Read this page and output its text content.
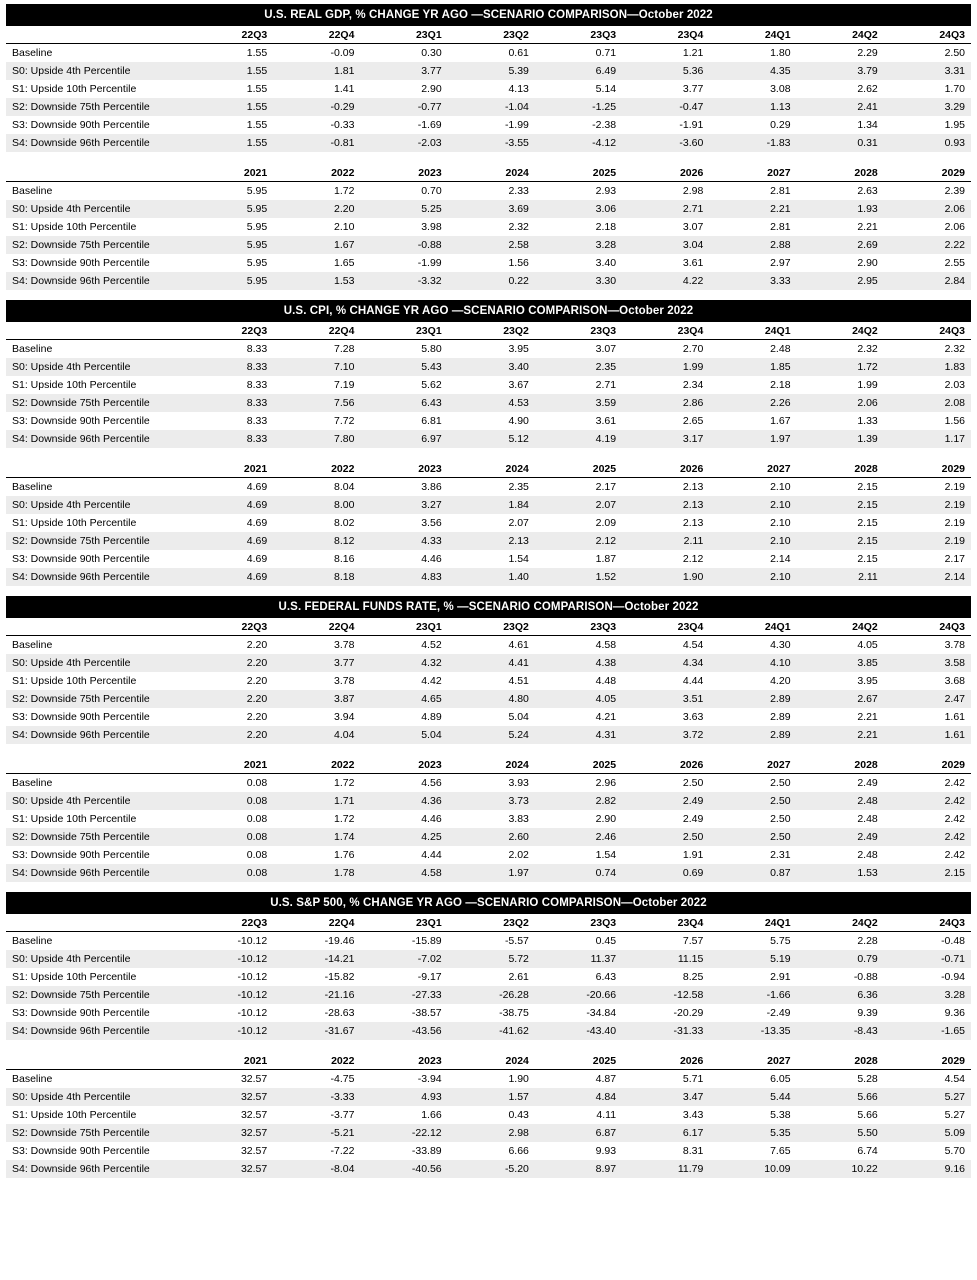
U.S. REAL GDP, % CHANGE YR AGO —SCENARIO COMPARISON—October 2022
	22Q3	22Q4	23Q1	23Q2	23Q3	23Q4	24Q1	24Q2	24Q3
Baseline	1.55	-0.09	0.30	0.61	0.71	1.21	1.80	2.29	2.50
S0: Upside 4th Percentile	1.55	1.81	3.77	5.39	6.49	5.36	4.35	3.79	3.31
S1: Upside 10th Percentile	1.55	1.41	2.90	4.13	5.14	3.77	3.08	2.62	1.70
S2: Downside 75th Percentile	1.55	-0.29	-0.77	-1.04	-1.25	-0.47	1.13	2.41	3.29
S3: Downside 90th Percentile	1.55	-0.33	-1.69	-1.99	-2.38	-1.91	0.29	1.34	1.95
S4: Downside 96th Percentile	1.55	-0.81	-2.03	-3.55	-4.12	-3.60	-1.83	0.31	0.93
	2021	2022	2023	2024	2025	2026	2027	2028	2029
Baseline	5.95	1.72	0.70	2.33	2.93	2.98	2.81	2.63	2.39
S0: Upside 4th Percentile	5.95	2.20	5.25	3.69	3.06	2.71	2.21	1.93	2.06
S1: Upside 10th Percentile	5.95	2.10	3.98	2.32	2.18	3.07	2.81	2.21	2.06
S2: Downside 75th Percentile	5.95	1.67	-0.88	2.58	3.28	3.04	2.88	2.69	2.22
S3: Downside 90th Percentile	5.95	1.65	-1.99	1.56	3.40	3.61	2.97	2.90	2.55
S4: Downside 96th Percentile	5.95	1.53	-3.32	0.22	3.30	4.22	3.33	2.95	2.84
U.S. CPI, % CHANGE YR AGO —SCENARIO COMPARISON—October 2022
	22Q3	22Q4	23Q1	23Q2	23Q3	23Q4	24Q1	24Q2	24Q3
Baseline	8.33	7.28	5.80	3.95	3.07	2.70	2.48	2.32	2.32
S0: Upside 4th Percentile	8.33	7.10	5.43	3.40	2.35	1.99	1.85	1.72	1.83
S1: Upside 10th Percentile	8.33	7.19	5.62	3.67	2.71	2.34	2.18	1.99	2.03
S2: Downside 75th Percentile	8.33	7.56	6.43	4.53	3.59	2.86	2.26	2.06	2.08
S3: Downside 90th Percentile	8.33	7.72	6.81	4.90	3.61	2.65	1.67	1.33	1.56
S4: Downside 96th Percentile	8.33	7.80	6.97	5.12	4.19	3.17	1.97	1.39	1.17
	2021	2022	2023	2024	2025	2026	2027	2028	2029
Baseline	4.69	8.04	3.86	2.35	2.17	2.13	2.10	2.15	2.19
S0: Upside 4th Percentile	4.69	8.00	3.27	1.84	2.07	2.13	2.10	2.15	2.19
S1: Upside 10th Percentile	4.69	8.02	3.56	2.07	2.09	2.13	2.10	2.15	2.19
S2: Downside 75th Percentile	4.69	8.12	4.33	2.13	2.12	2.11	2.10	2.15	2.19
S3: Downside 90th Percentile	4.69	8.16	4.46	1.54	1.87	2.12	2.14	2.15	2.17
S4: Downside 96th Percentile	4.69	8.18	4.83	1.40	1.52	1.90	2.10	2.11	2.14
U.S. FEDERAL FUNDS RATE, % —SCENARIO COMPARISON—October 2022
	22Q3	22Q4	23Q1	23Q2	23Q3	23Q4	24Q1	24Q2	24Q3
Baseline	2.20	3.78	4.52	4.61	4.58	4.54	4.30	4.05	3.78
S0: Upside 4th Percentile	2.20	3.77	4.32	4.41	4.38	4.34	4.10	3.85	3.58
S1: Upside 10th Percentile	2.20	3.78	4.42	4.51	4.48	4.44	4.20	3.95	3.68
S2: Downside 75th Percentile	2.20	3.87	4.65	4.80	4.05	3.51	2.89	2.67	2.47
S3: Downside 90th Percentile	2.20	3.94	4.89	5.04	4.21	3.63	2.89	2.21	1.61
S4: Downside 96th Percentile	2.20	4.04	5.04	5.24	4.31	3.72	2.89	2.21	1.61
	2021	2022	2023	2024	2025	2026	2027	2028	2029
Baseline	0.08	1.72	4.56	3.93	2.96	2.50	2.50	2.49	2.42
S0: Upside 4th Percentile	0.08	1.71	4.36	3.73	2.82	2.49	2.50	2.48	2.42
S1: Upside 10th Percentile	0.08	1.72	4.46	3.83	2.90	2.49	2.50	2.48	2.42
S2: Downside 75th Percentile	0.08	1.74	4.25	2.60	2.46	2.50	2.50	2.49	2.42
S3: Downside 90th Percentile	0.08	1.76	4.44	2.02	1.54	1.91	2.31	2.48	2.42
S4: Downside 96th Percentile	0.08	1.78	4.58	1.97	0.74	0.69	0.87	1.53	2.15
U.S. S&P 500, % CHANGE YR AGO —SCENARIO COMPARISON—October 2022
	22Q3	22Q4	23Q1	23Q2	23Q3	23Q4	24Q1	24Q2	24Q3
Baseline	-10.12	-19.46	-15.89	-5.57	0.45	7.57	5.75	2.28	-0.48
S0: Upside 4th Percentile	-10.12	-14.21	-7.02	5.72	11.37	11.15	5.19	0.79	-0.71
S1: Upside 10th Percentile	-10.12	-15.82	-9.17	2.61	6.43	8.25	2.91	-0.88	-0.94
S2: Downside 75th Percentile	-10.12	-21.16	-27.33	-26.28	-20.66	-12.58	-1.66	6.36	3.28
S3: Downside 90th Percentile	-10.12	-28.63	-38.57	-38.75	-34.84	-20.29	-2.49	9.39	9.36
S4: Downside 96th Percentile	-10.12	-31.67	-43.56	-41.62	-43.40	-31.33	-13.35	-8.43	-1.65
	2021	2022	2023	2024	2025	2026	2027	2028	2029
Baseline	32.57	-4.75	-3.94	1.90	4.87	5.71	6.05	5.28	4.54
S0: Upside 4th Percentile	32.57	-3.33	4.93	1.57	4.84	3.47	5.44	5.66	5.27
S1: Upside 10th Percentile	32.57	-3.77	1.66	0.43	4.11	3.43	5.38	5.66	5.27
S2: Downside 75th Percentile	32.57	-5.21	-22.12	2.98	6.87	6.17	5.35	5.50	5.09
S3: Downside 90th Percentile	32.57	-7.22	-33.89	6.66	9.93	8.31	7.65	6.74	5.70
S4: Downside 96th Percentile	32.57	-8.04	-40.56	-5.20	8.97	11.79	10.09	10.22	9.16
